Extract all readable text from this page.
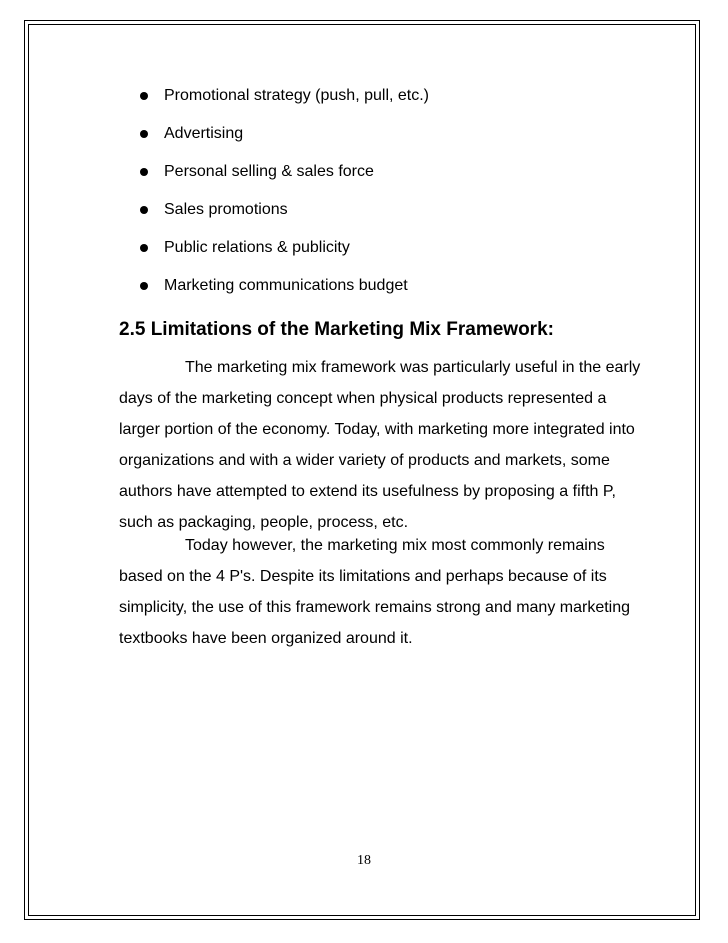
Promotional strategy (push, pull, etc.)
Advertising
Personal selling & sales force
Sales promotions
Public relations & publicity
Marketing communications budget
2.5 Limitations of the Marketing Mix Framework:

The marketing mix framework was particularly useful in the early days of the marketing concept when physical products represented a larger portion of the economy. Today, with marketing more integrated into organizations and with a wider variety of products and markets, some authors have attempted to extend its usefulness by proposing a fifth P, such as packaging, people, process, etc.

Today however, the marketing mix most commonly remains based on the 4 P's. Despite its limitations and perhaps because of its simplicity, the use of this framework remains strong and many marketing textbooks have been organized around it.

18
